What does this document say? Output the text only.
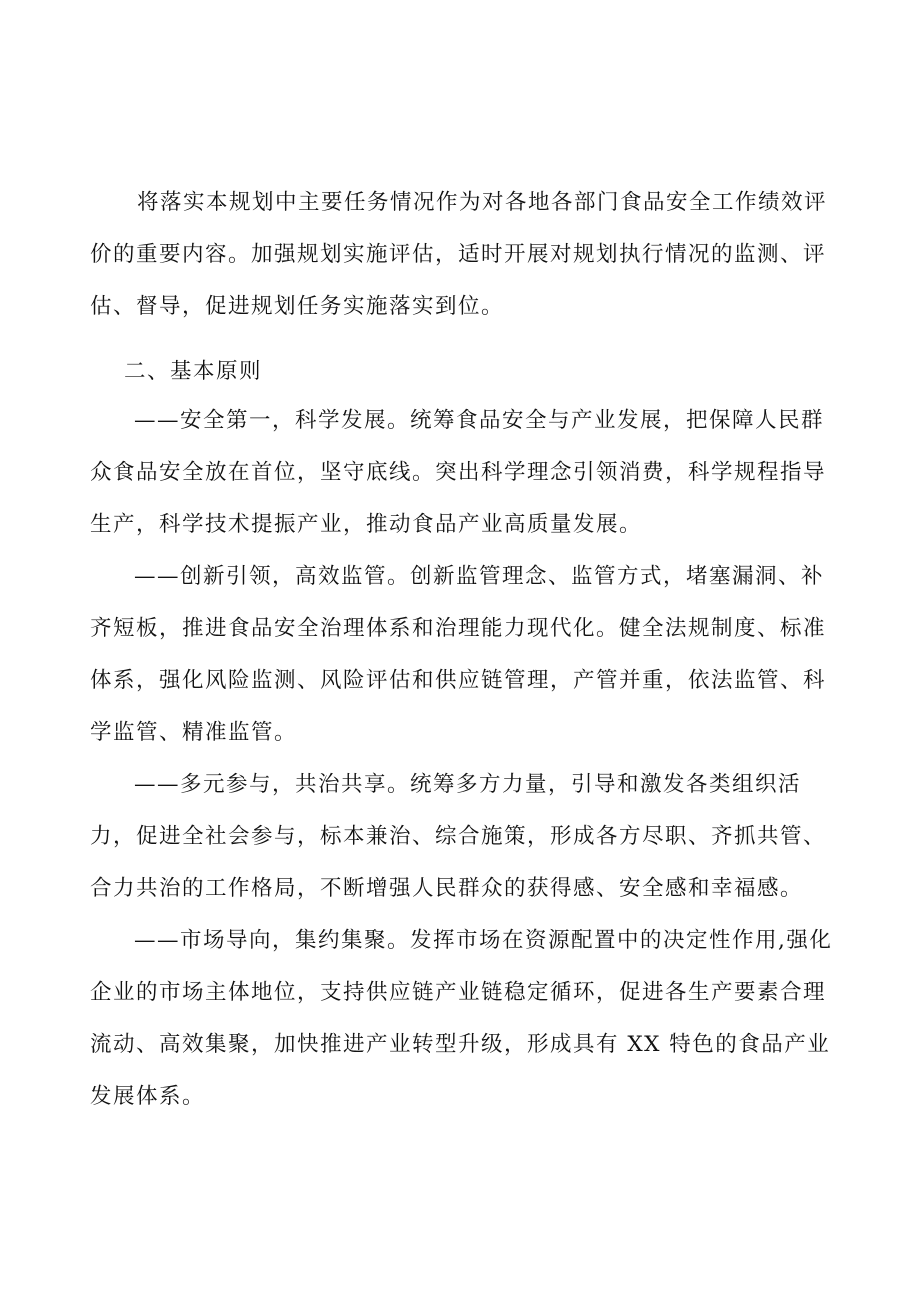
将落实本规划中主要任务情况作为对各地各部门食品安全工作绩效评

价的重要内容。加强规划实施评估，适时开展对规划执行情况的监测、评

估、督导，促进规划任务实施落实到位。

二、基本原则

——安全第一，科学发展。统筹食品安全与产业发展，把保障人民群

众食品安全放在首位，坚守底线。突出科学理念引领消费，科学规程指导

生产，科学技术提振产业，推动食品产业高质量发展。

——创新引领，高效监管。创新监管理念、监管方式，堵塞漏洞、补

齐短板，推进食品安全治理体系和治理能力现代化。健全法规制度、标准

体系，强化风险监测、风险评估和供应链管理，产管并重，依法监管、科

学监管、精准监管。

——多元参与，共治共享。统筹多方力量，引导和激发各类组织活

力，促进全社会参与，标本兼治、综合施策，形成各方尽职、齐抓共管、

合力共治的工作格局，不断增强人民群众的获得感、安全感和幸福感。

——市场导向，集约集聚。发挥市场在资源配置中的决定性作用,强化

企业的市场主体地位，支持供应链产业链稳定循环，促进各生产要素合理

流动、高效集聚，加快推进产业转型升级，形成具有 XX 特色的食品产业

发展体系。
